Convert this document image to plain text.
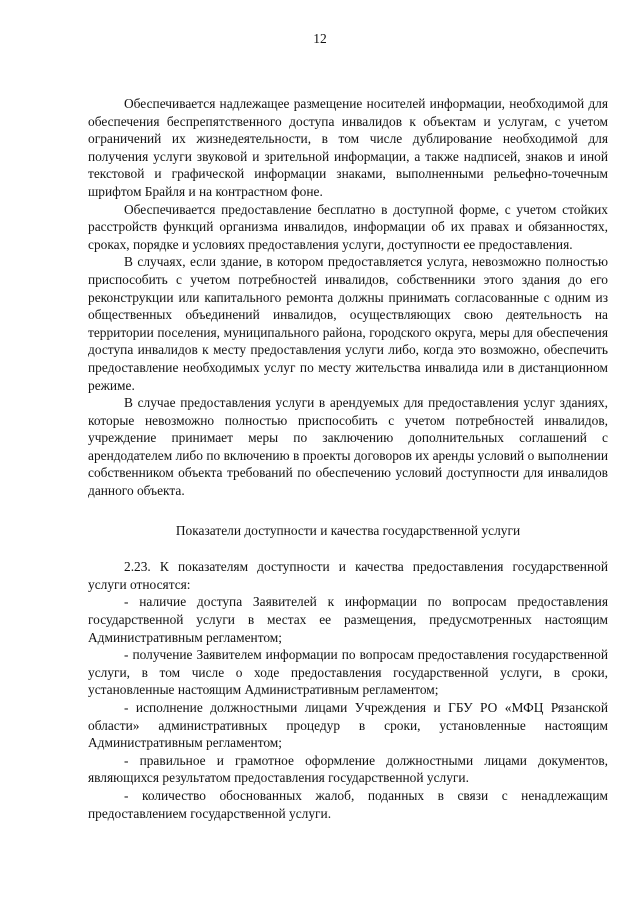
12

Обеспечивается надлежащее размещение носителей информации, необходимой для обеспечения беспрепятственного доступа инвалидов к объектам и услугам, с учетом ограничений их жизнедеятельности, в том числе дублирование необходимой для получения услуги звуковой и зрительной информации, а также надписей, знаков и иной текстовой и графической информации знаками, выполненными рельефно-точечным шрифтом Брайля и на контрастном фоне.

Обеспечивается предоставление бесплатно в доступной форме, с учетом стойких расстройств функций организма инвалидов, информации об их правах и обязанностях, сроках, порядке и условиях предоставления услуги, доступности ее предоставления.

В случаях, если здание, в котором предоставляется услуга, невозможно полностью приспособить с учетом потребностей инвалидов, собственники этого здания до его реконструкции или капитального ремонта должны принимать согласованные с одним из общественных объединений инвалидов, осуществляющих свою деятельность на территории поселения, муниципального района, городского округа, меры для обеспечения доступа инвалидов к месту предоставления услуги либо, когда это возможно, обеспечить предоставление необходимых услуг по месту жительства инвалида или в дистанционном режиме.

В случае предоставления услуги в арендуемых для предоставления услуг зданиях, которые невозможно полностью приспособить с учетом потребностей инвалидов, учреждение принимает меры по заключению дополнительных соглашений с арендодателем либо по включению в проекты договоров их аренды условий о выполнении собственником объекта требований по обеспечению условий доступности для инвалидов данного объекта.

Показатели доступности и качества государственной услуги

2.23. К показателям доступности и качества предоставления государственной услуги относятся:

- наличие доступа Заявителей к информации по вопросам предоставления государственной услуги в местах ее размещения, предусмотренных настоящим Административным регламентом;

- получение Заявителем информации по вопросам предоставления государственной услуги, в том числе о ходе предоставления государственной услуги, в сроки, установленные настоящим Административным регламентом;

- исполнение должностными лицами Учреждения и ГБУ РО «МФЦ Рязанской области» административных процедур в сроки, установленные настоящим Административным регламентом;

- правильное и грамотное оформление должностными лицами документов, являющихся результатом предоставления государственной услуги.

- количество обоснованных жалоб, поданных в связи с ненадлежащим предоставлением государственной услуги.
